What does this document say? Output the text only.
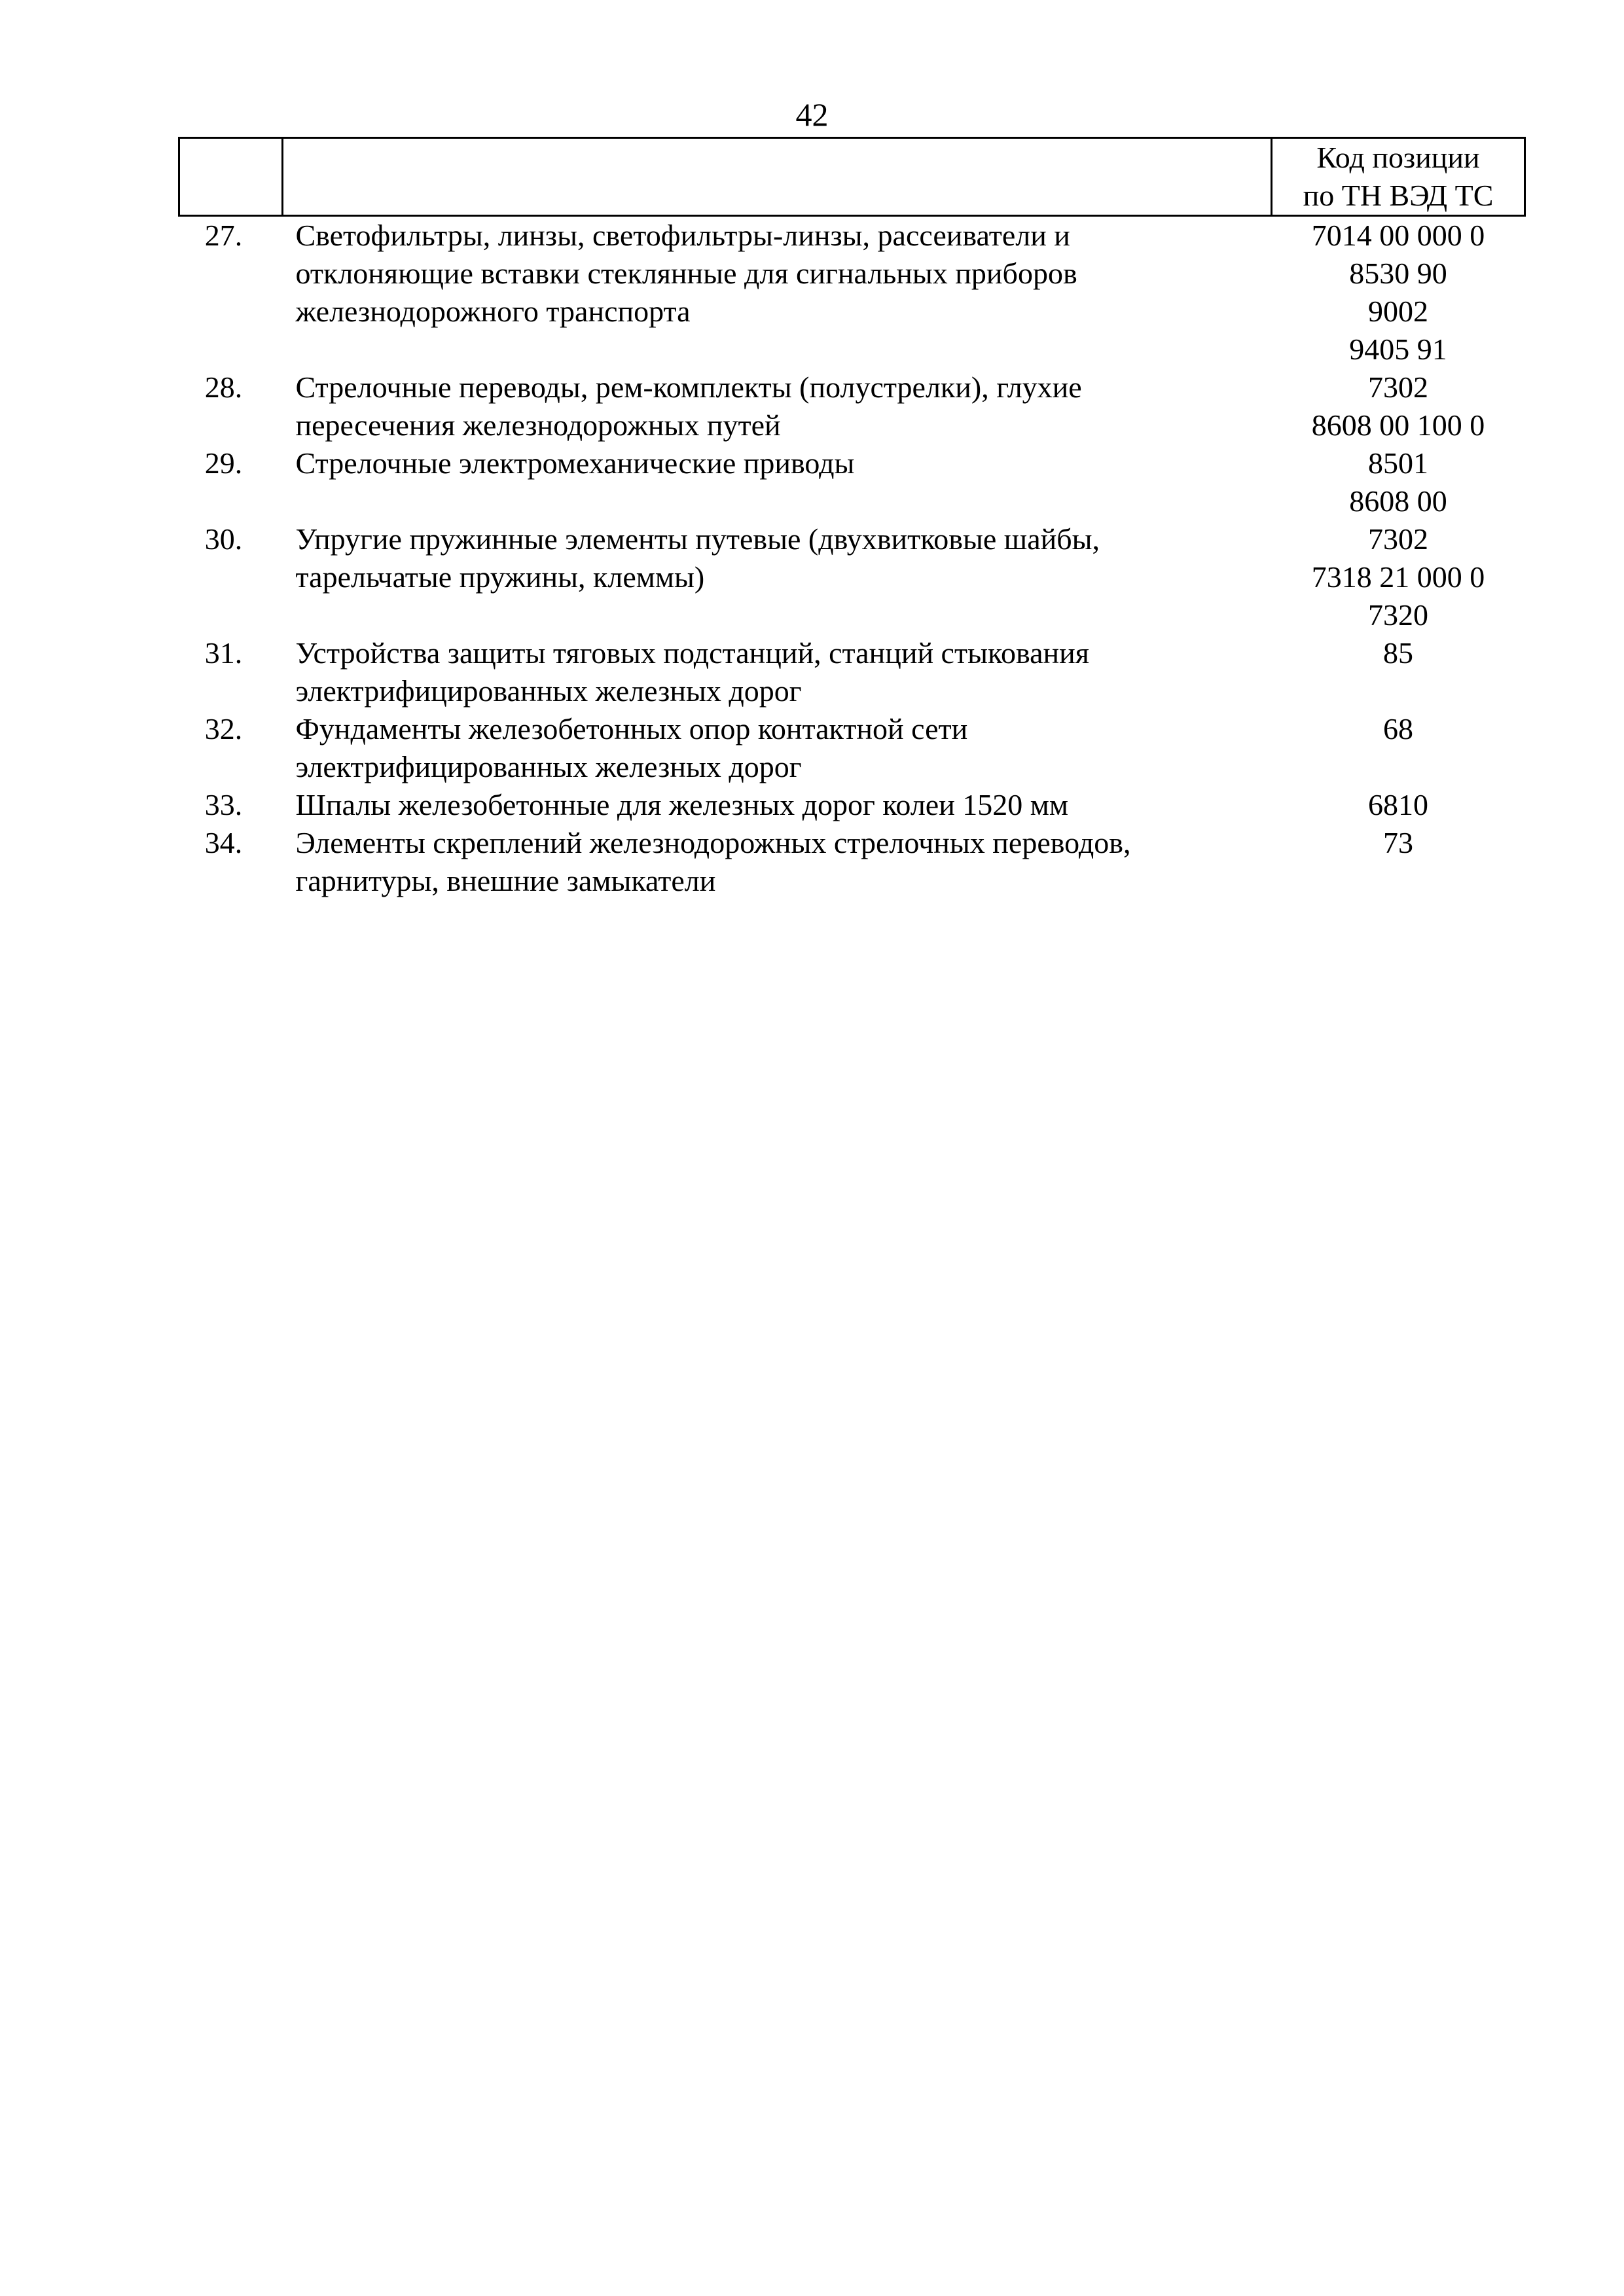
42
		Код позиции
по ТН ВЭД ТС
27.	Светофильтры, линзы, светофильтры-линзы, рассеиватели и
отклоняющие вставки стеклянные для сигнальных приборов
железнодорожного транспорта	7014 00 000 0
8530 90
9002
9405 91
28.	Стрелочные переводы, рем-комплекты (полустрелки), глухие
пересечения железнодорожных путей	7302
8608 00 100 0
29.	Стрелочные электромеханические приводы	8501
8608 00
30.	Упругие пружинные элементы путевые (двухвитковые шайбы,
тарельчатые пружины, клеммы)	7302
7318 21 000 0
7320
31.	Устройства защиты тяговых подстанций, станций стыкования
электрифицированных железных дорог	85
32.	Фундаменты железобетонных опор контактной сети
электрифицированных железных дорог	68
33.	Шпалы железобетонные для железных дорог колеи 1520 мм	6810
34.	Элементы скреплений железнодорожных стрелочных переводов,
гарнитуры, внешние замыкатели	73
